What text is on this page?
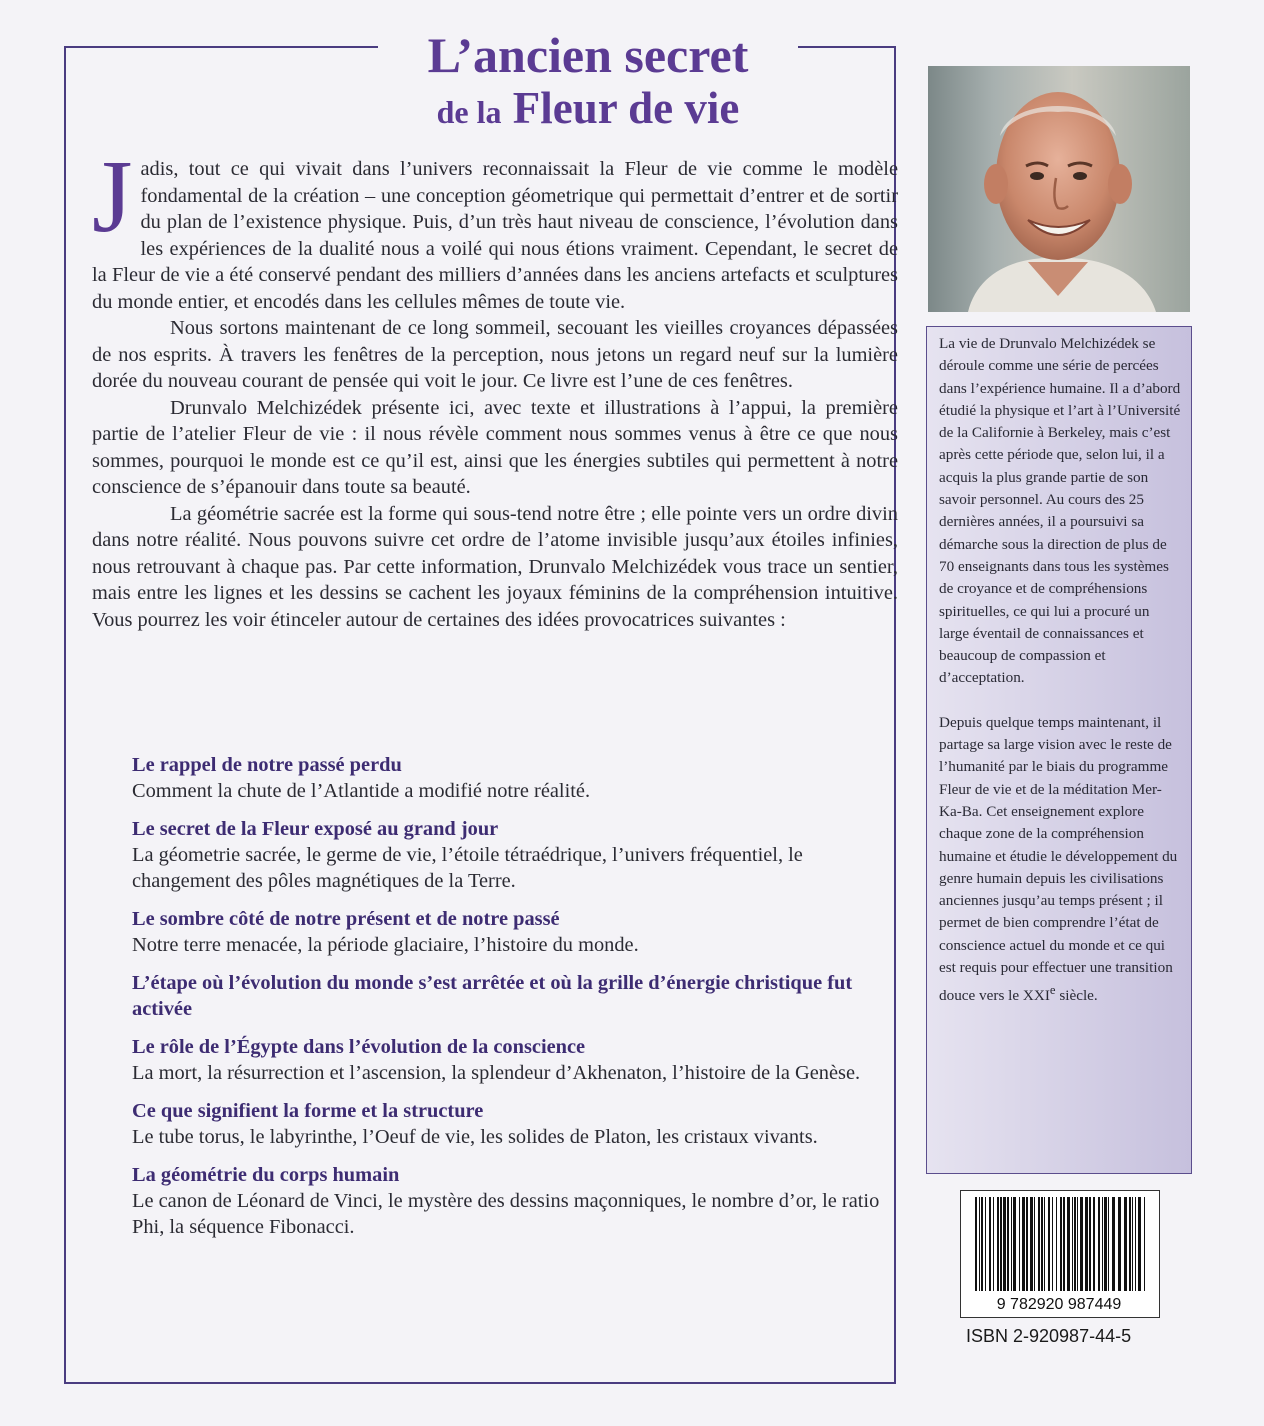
L’ancien secret
de la Fleur de vie

Jadis, tout ce qui vivait dans l’univers reconnaissait la Fleur de vie comme le modèle fondamental de la création – une conception géometrique qui permettait d’entrer et de sortir du plan de l’existence physique. Puis, d’un très haut niveau de conscience, l’évolution dans les expériences de la dualité nous a voilé qui nous étions vraiment. Cependant, le secret de la Fleur de vie a été conservé pendant des milliers d’années dans les anciens artefacts et sculptures du monde entier, et encodés dans les cellules mêmes de toute vie.

Nous sortons maintenant de ce long sommeil, secouant les vieilles croyances dépassées de nos esprits. À travers les fenêtres de la perception, nous jetons un regard neuf sur la lumière dorée du nouveau courant de pensée qui voit le jour. Ce livre est l’une de ces fenêtres.

Drunvalo Melchizédek présente ici, avec texte et illustrations à l’appui, la première partie de l’atelier Fleur de vie : il nous révèle comment nous sommes venus à être ce que nous sommes, pourquoi le monde est ce qu’il est, ainsi que les énergies subtiles qui permettent à notre conscience de s’épanouir dans toute sa beauté.

La géométrie sacrée est la forme qui sous-tend notre être ; elle pointe vers un ordre divin dans notre réalité. Nous pouvons suivre cet ordre de l’atome invisible jusqu’aux étoiles infinies, nous retrouvant à chaque pas. Par cette information, Drunvalo Melchizédek vous trace un sentier, mais entre les lignes et les dessins se cachent les joyaux féminins de la compréhension intuitive. Vous pourrez les voir étinceler autour de certaines des idées provocatrices suivantes :

Le rappel de notre passé perdu
Comment la chute de l’Atlantide a modifié notre réalité.
Le secret de la Fleur exposé au grand jour
La géometrie sacrée, le germe de vie, l’étoile tétraédrique, l’univers fréquentiel, le changement des pôles magnétiques de la Terre.
Le sombre côté de notre présent et de notre passé
Notre terre menacée, la période glaciaire, l’histoire du monde.
L’étape où l’évolution du monde s’est arrêtée et où la grille d’énergie christique fut activée
Le rôle de l’Égypte dans l’évolution de la conscience
La mort, la résurrection et l’ascension, la splendeur d’Akhenaton, l’histoire de la Genèse.
Ce que signifient la forme et la structure
Le tube torus, le labyrinthe, l’Oeuf de vie, les solides de Platon, les cristaux vivants.
La géométrie du corps humain
Le canon de Léonard de Vinci, le mystère des dessins maçonniques, le nombre d’or, le ratio Phi, la séquence Fibonacci.

La vie de Drunvalo Melchizédek se déroule comme une série de percées dans l’expérience humaine. Il a d’abord étudié la physique et l’art à l’Université de la Californie à Berkeley, mais c’est après cette période que, selon lui, il a acquis la plus grande partie de son savoir personnel. Au cours des 25 dernières années, il a poursuivi sa démarche sous la direction de plus de 70 enseignants dans tous les systèmes de croyance et de compréhensions spirituelles, ce qui lui a procuré un large éventail de connaissances et beaucoup de compassion et d’acceptation.

Depuis quelque temps maintenant, il partage sa large vision avec le reste de l’humanité par le biais du programme Fleur de vie et de la méditation Mer-Ka-Ba. Cet enseignement explore chaque zone de la compréhension humaine et étudie le développement du genre humain depuis les civilisations anciennes jusqu’au temps présent ; il permet de bien comprendre l’état de conscience actuel du monde et ce qui est requis pour effectuer une transition douce vers le XXIe siècle.

9 782920 987449
ISBN 2-920987-44-5
